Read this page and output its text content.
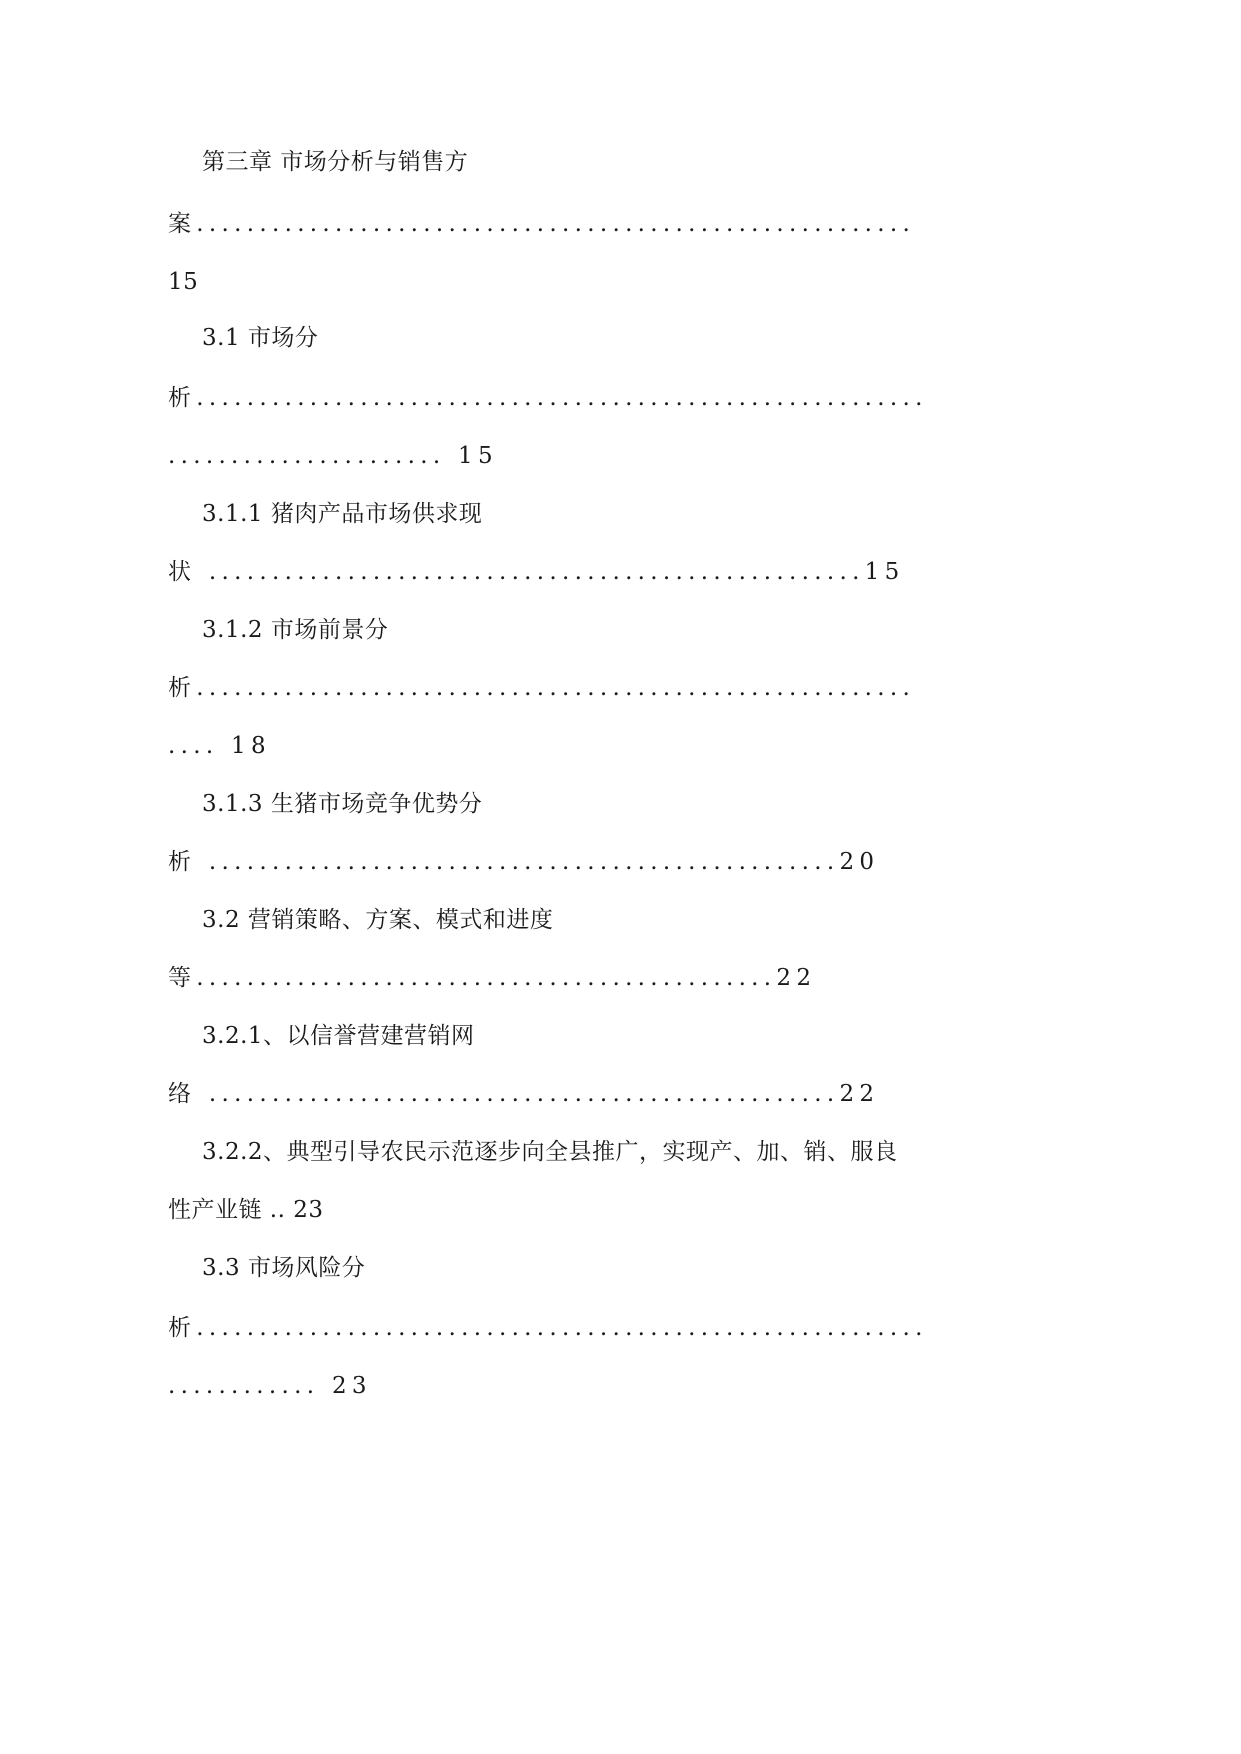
第三章 市场分析与销售方
案.........................................................
15
3.1 市场分
析..........................................................
...................... 15
3.1.1 猪肉产品市场供求现
状 ....................................................15
3.1.2 市场前景分
析.........................................................
.... 18
3.1.3 生猪市场竞争优势分
析 ..................................................20
3.2 营销策略、方案、模式和进度
等..............................................22
3.2.1、以信誉营建营销网
络 ..................................................22
3.2.2、典型引导农民示范逐步向全县推广，实现产、加、销、服良
性产业链 .. 23
3.3 市场风险分
析..........................................................
............ 23
